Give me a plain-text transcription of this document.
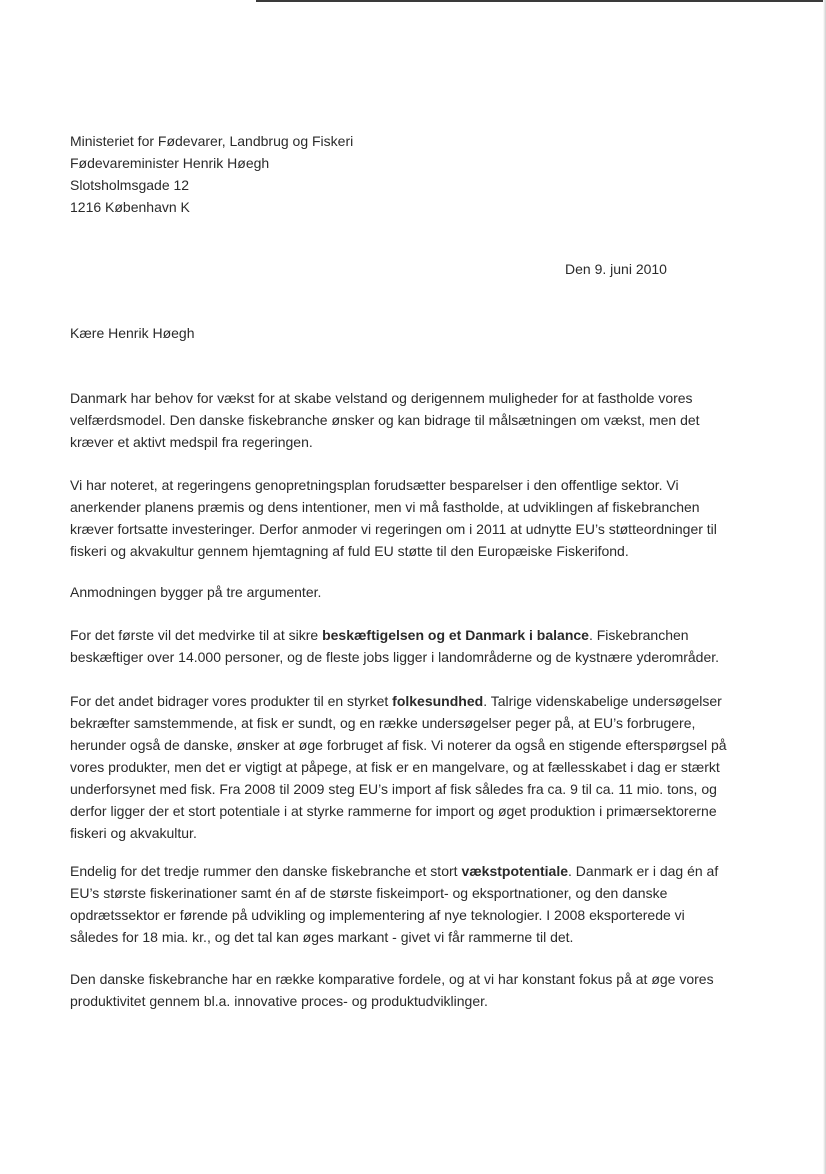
Ministeriet for Fødevarer, Landbrug og Fiskeri
Fødevareminister Henrik Høegh
Slotsholmsgade 12
1216 København K
Den 9. juni 2010
Kære Henrik Høegh
Danmark har behov for vækst for at skabe velstand og derigennem muligheder for at fastholde vores
velfærdsmodel. Den danske fiskebranche ønsker og kan bidrage til målsætningen om vækst, men det
kræver et aktivt medspil fra regeringen.
Vi har noteret, at regeringens genopretningsplan forudsætter besparelser i den offentlige sektor. Vi
anerkender planens præmis og dens intentioner, men vi må fastholde, at udviklingen af fiskebranchen
kræver fortsatte investeringer. Derfor anmoder vi regeringen om i 2011 at udnytte EU’s støtteordninger til
fiskeri og akvakultur gennem hjemtagning af fuld EU støtte til den Europæiske Fiskerifond.
Anmodningen bygger på tre argumenter.
For det første vil det medvirke til at sikre beskæftigelsen og et Danmark i balance. Fiskebranchen
beskæftiger over 14.000 personer, og de fleste jobs ligger i landområderne og de kystnære yderområder.
For det andet bidrager vores produkter til en styrket folkesundhed. Talrige videnskabelige undersøgelser
bekræfter samstemmende, at fisk er sundt, og en række undersøgelser peger på, at EU’s forbrugere,
herunder også de danske, ønsker at øge forbruget af fisk. Vi noterer da også en stigende efterspørgsel på
vores produkter, men det er vigtigt at påpege, at fisk er en mangelvare, og at fællesskabet i dag er stærkt
underforsynet med fisk. Fra 2008 til 2009 steg EU’s import af fisk således fra ca. 9 til ca. 11 mio. tons, og
derfor ligger der et stort potentiale i at styrke rammerne for import og øget produktion i primærsektorerne
fiskeri og akvakultur.
Endelig for det tredje rummer den danske fiskebranche et stort vækstpotentiale. Danmark er i dag én af
EU’s største fiskerinationer samt én af de største fiskeimport- og eksportnationer, og den danske
opdrætssektor er førende på udvikling og implementering af nye teknologier. I 2008 eksporterede vi
således for 18 mia. kr., og det tal kan øges markant - givet vi får rammerne til det.
Den danske fiskebranche har en række komparative fordele, og at vi har konstant fokus på at øge vores
produktivitet gennem bl.a. innovative proces- og produktudviklinger.
